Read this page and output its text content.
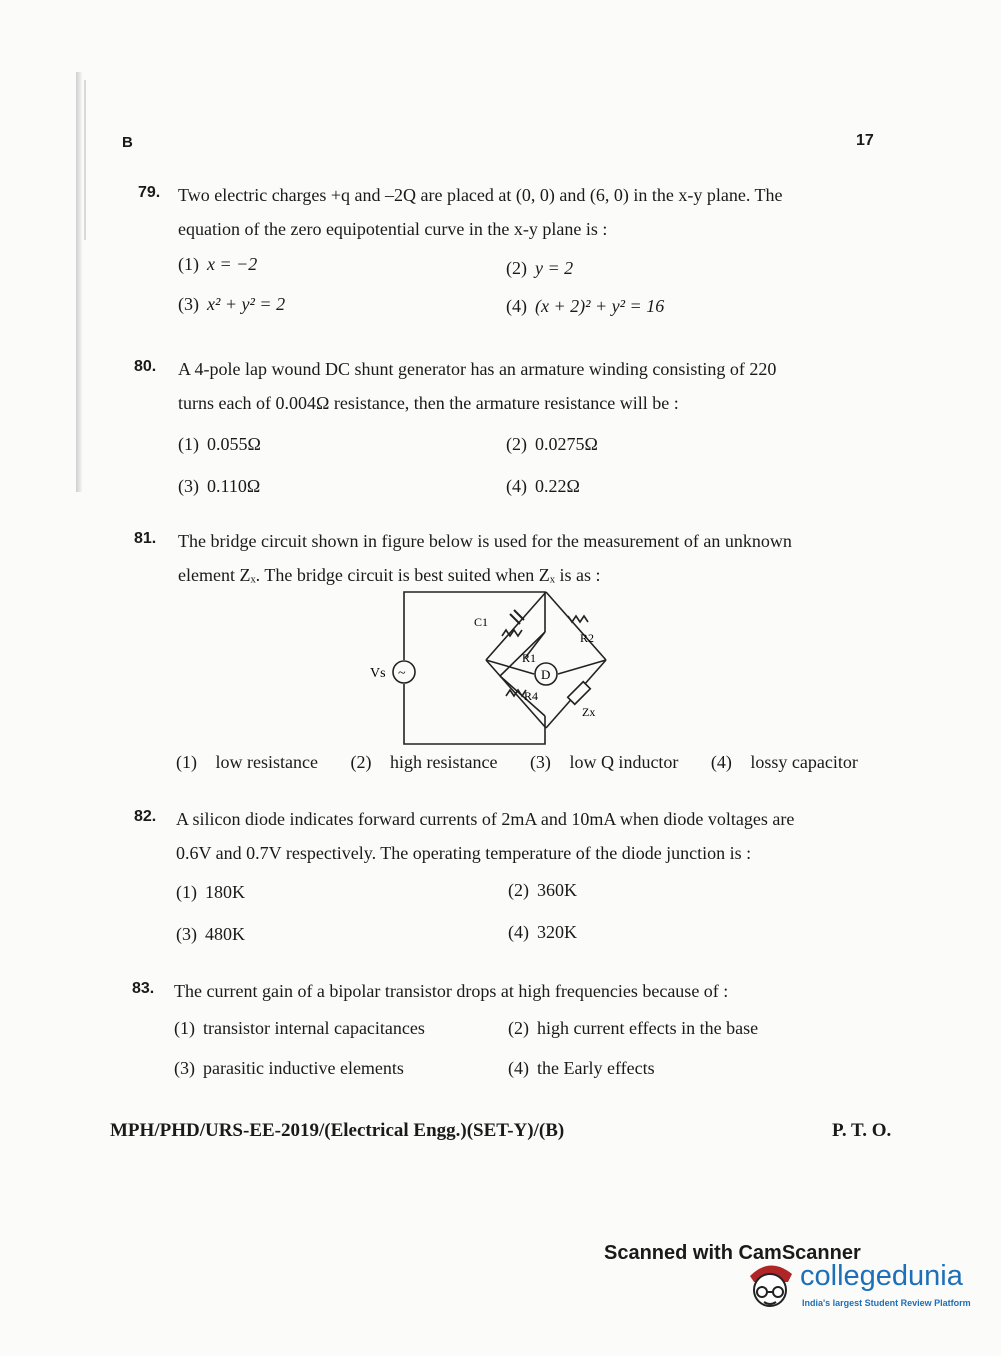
B	17
79. Two electric charges +q and –2Q are placed at (0, 0) and (6, 0) in the x-y plane. The
equation of the zero equipotential curve in the x-y plane is :
(1) x = −2	(2) y = 2
(3) x² + y² = 2	(4) (x + 2)² + y² = 16
80. A 4-pole lap wound DC shunt generator has an armature winding consisting of 220
turns each of 0.004Ω resistance, then the armature resistance will be :
(1) 0.055Ω	(2) 0.0275Ω
(3) 0.110Ω	(4) 0.22Ω
81. The bridge circuit shown in figure below is used for the measurement of an unknown
element Zₓ. The bridge circuit is best suited when Zₓ is as :
~
Vs	D
C1
R1
R2
R4
Zx
(1) low resistance (2) high resistance (3) low Q inductor (4) lossy capacitor
82. A silicon diode indicates forward currents of 2mA and 10mA when diode voltages are
0.6V and 0.7V respectively. The operating temperature of the diode junction is :
(1) 180K	(2) 360K
(3) 480K	(4) 320K
83. The current gain of a bipolar transistor drops at high frequencies because of :
(1) transistor internal capacitances	(2) high current effects in the base
(3) parasitic inductive elements	(4) the Early effects
MPH/PHD/URS-EE-2019/(Electrical Engg.)(SET-Y)/(B)	P. T. O.
Scanned with CamScanner
collegedunia
India's largest Student Review Platform
